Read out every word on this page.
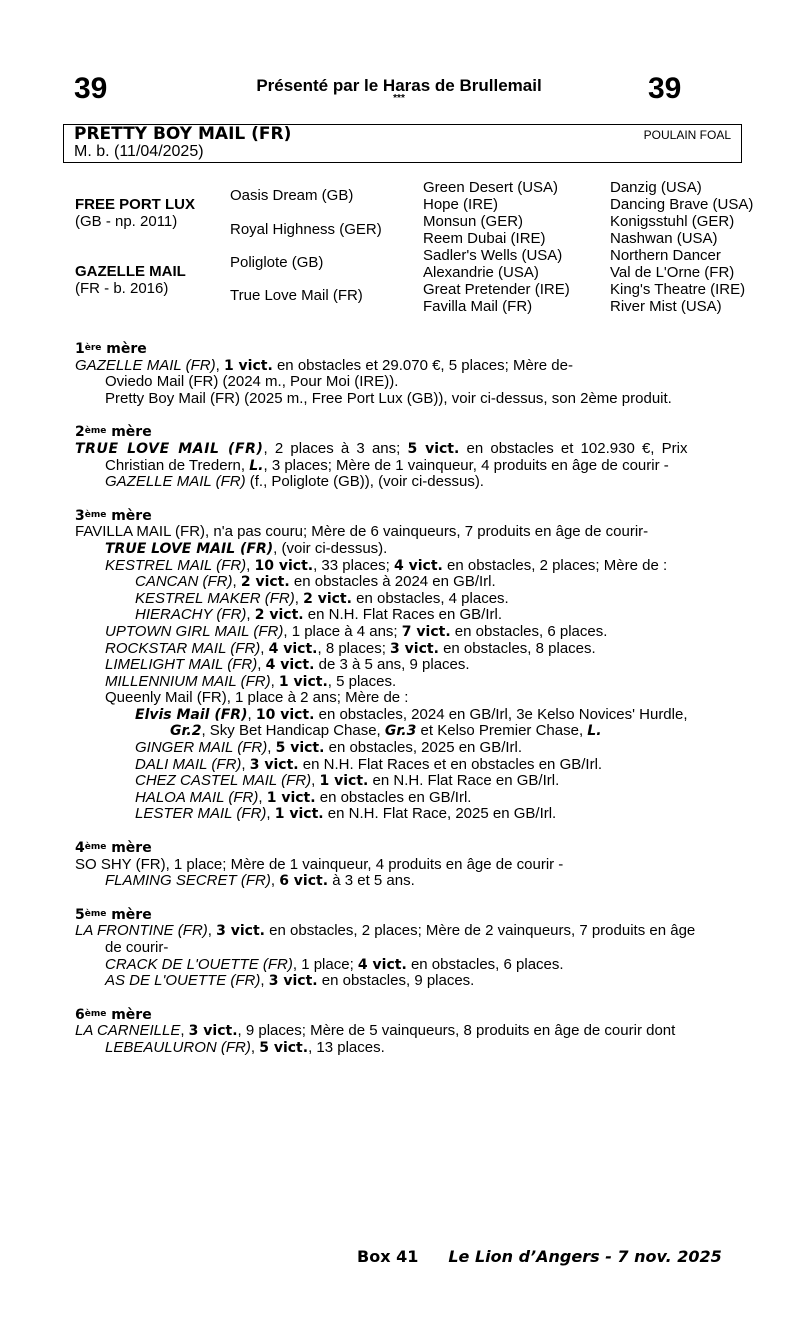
39	Présenté par le Haras de Brullemail
***	39
PRETTY BOY MAIL (FR)
M. b. (11/04/2025)
POULAIN FOAL
FREE PORT LUX
(GB - np. 2011)
GAZELLE MAIL
(FR - b. 2016)
Oasis Dream (GB)
Royal Highness (GER)
Poliglote (GB)
True Love Mail (FR)
Green Desert (USA)
Hope (IRE)
Monsun (GER)
Reem Dubai (IRE)
Sadler's Wells (USA)
Alexandrie (USA)
Great Pretender (IRE)
Favilla Mail (FR)
Danzig (USA)
Dancing Brave (USA)
Konigsstuhl (GER)
Nashwan (USA)
Northern Dancer
Val de L'Orne (FR)
King's Theatre (IRE)
River Mist (USA)
1ère mère
GAZELLE MAIL (FR), 1 vict. en obstacles et 29.070 €, 5 places; Mère de-
Oviedo Mail (FR) (2024 m., Pour Moi (IRE)).
Pretty Boy Mail (FR) (2025 m., Free Port Lux (GB)), voir ci-dessus, son 2ème produit.
2ème mère
TRUE LOVE MAIL (FR), 2 places à 3 ans; 5 vict. en obstacles et 102.930 €, Prix
Christian de Tredern, L., 3 places; Mère de 1 vainqueur, 4 produits en âge de courir -
GAZELLE MAIL (FR) (f., Poliglote (GB)), (voir ci-dessus).
3ème mère
FAVILLA MAIL (FR), n'a pas couru; Mère de 6 vainqueurs, 7 produits en âge de courir-
TRUE LOVE MAIL (FR), (voir ci-dessus).
KESTREL MAIL (FR), 10 vict., 33 places; 4 vict. en obstacles, 2 places; Mère de :
CANCAN (FR), 2 vict. en obstacles à 2024 en GB/Irl.
KESTREL MAKER (FR), 2 vict. en obstacles, 4 places.
HIERACHY (FR), 2 vict. en N.H. Flat Races en GB/Irl.
UPTOWN GIRL MAIL (FR), 1 place à 4 ans; 7 vict. en obstacles, 6 places.
ROCKSTAR MAIL (FR), 4 vict., 8 places; 3 vict. en obstacles, 8 places.
LIMELIGHT MAIL (FR), 4 vict. de 3 à 5 ans, 9 places.
MILLENNIUM MAIL (FR), 1 vict., 5 places.
Queenly Mail (FR), 1 place à 2 ans; Mère de :
Elvis Mail (FR), 10 vict. en obstacles, 2024 en GB/Irl, 3e Kelso Novices' Hurdle,
Gr.2, Sky Bet Handicap Chase, Gr.3 et Kelso Premier Chase, L.
GINGER MAIL (FR), 5 vict. en obstacles, 2025 en GB/Irl.
DALI MAIL (FR), 3 vict. en N.H. Flat Races et en obstacles en GB/Irl.
CHEZ CASTEL MAIL (FR), 1 vict. en N.H. Flat Race en GB/Irl.
HALOA MAIL (FR), 1 vict. en obstacles en GB/Irl.
LESTER MAIL (FR), 1 vict. en N.H. Flat Race, 2025 en GB/Irl.
4ème mère
SO SHY (FR), 1 place; Mère de 1 vainqueur, 4 produits en âge de courir -
FLAMING SECRET (FR), 6 vict. à 3 et 5 ans.
5ème mère
LA FRONTINE (FR), 3 vict. en obstacles, 2 places; Mère de 2 vainqueurs, 7 produits en âge
de courir-
CRACK DE L'OUETTE (FR), 1 place; 4 vict. en obstacles, 6 places.
AS DE L'OUETTE (FR), 3 vict. en obstacles, 9 places.
6ème mère
LA CARNEILLE, 3 vict., 9 places; Mère de 5 vainqueurs, 8 produits en âge de courir dont
LEBEAULURON (FR), 5 vict., 13 places.
Box 41 Le Lion d’Angers - 7 nov. 2025
